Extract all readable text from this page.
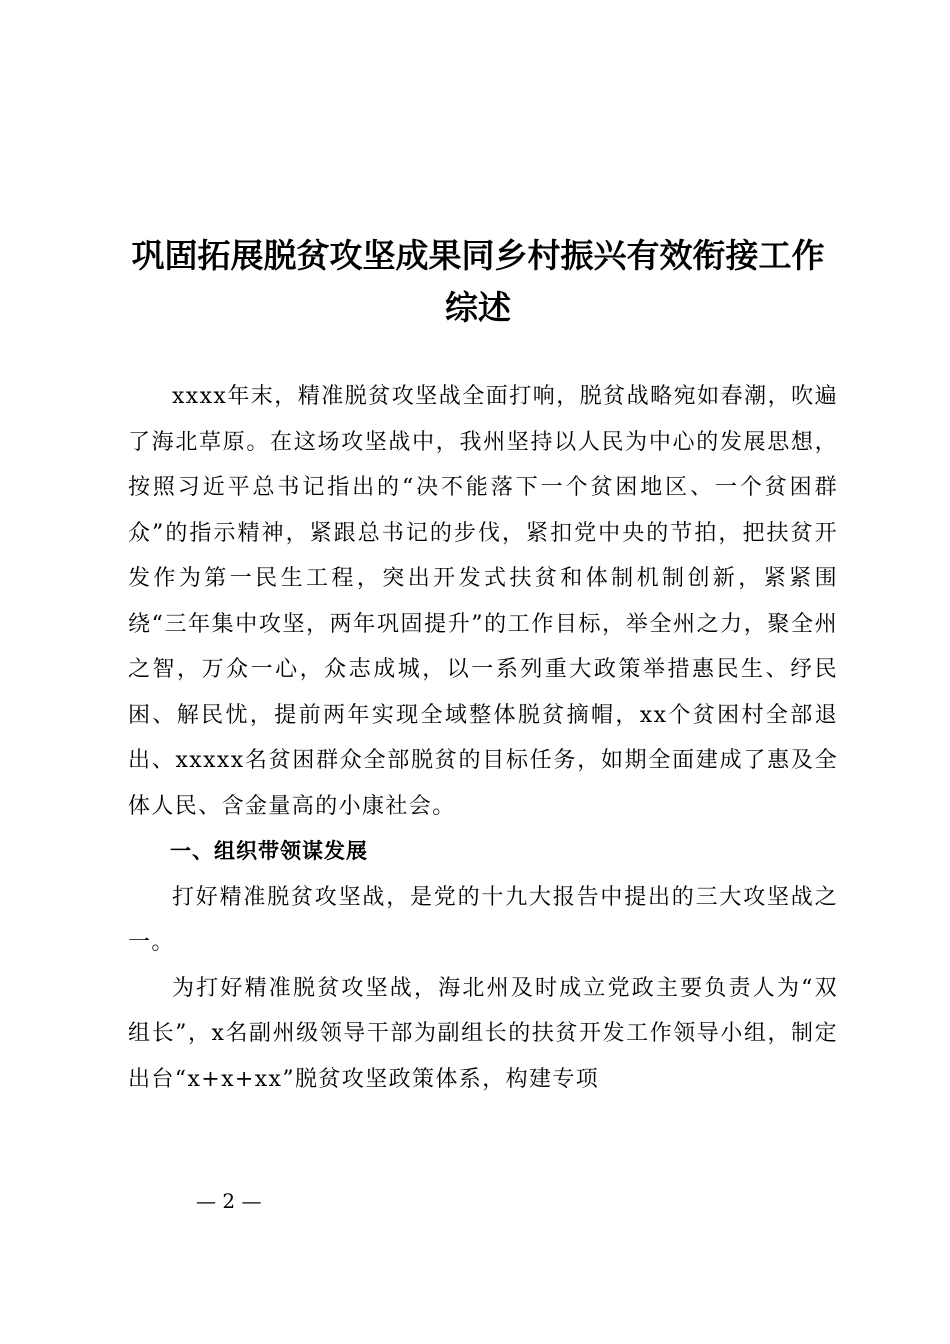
巩固拓展脱贫攻坚成果同乡村振兴有效衔接工作综述

xxxx年末，精准脱贫攻坚战全面打响，脱贫战略宛如春潮，吹遍了海北草原。在这场攻坚战中，我州坚持以人民为中心的发展思想，按照习近平总书记指出的“决不能落下一个贫困地区、一个贫困群众”的指示精神，紧跟总书记的步伐，紧扣党中央的节拍，把扶贫开发作为第一民生工程，突出开发式扶贫和体制机制创新，紧紧围绕“三年集中攻坚，两年巩固提升”的工作目标，举全州之力，聚全州之智，万众一心，众志成城，以一系列重大政策举措惠民生、纾民困、解民忧，提前两年实现全域整体脱贫摘帽，xx个贫困村全部退出、xxxxx名贫困群众全部脱贫的目标任务，如期全面建成了惠及全体人民、含金量高的小康社会。

一、组织带领谋发展

打好精准脱贫攻坚战，是党的十九大报告中提出的三大攻坚战之一。

为打好精准脱贫攻坚战，海北州及时成立党政主要负责人为“双组长”，x名副州级领导干部为副组长的扶贫开发工作领导小组，制定出台“x+x+xx”脱贫攻坚政策体系，构建专项

— 2 —
